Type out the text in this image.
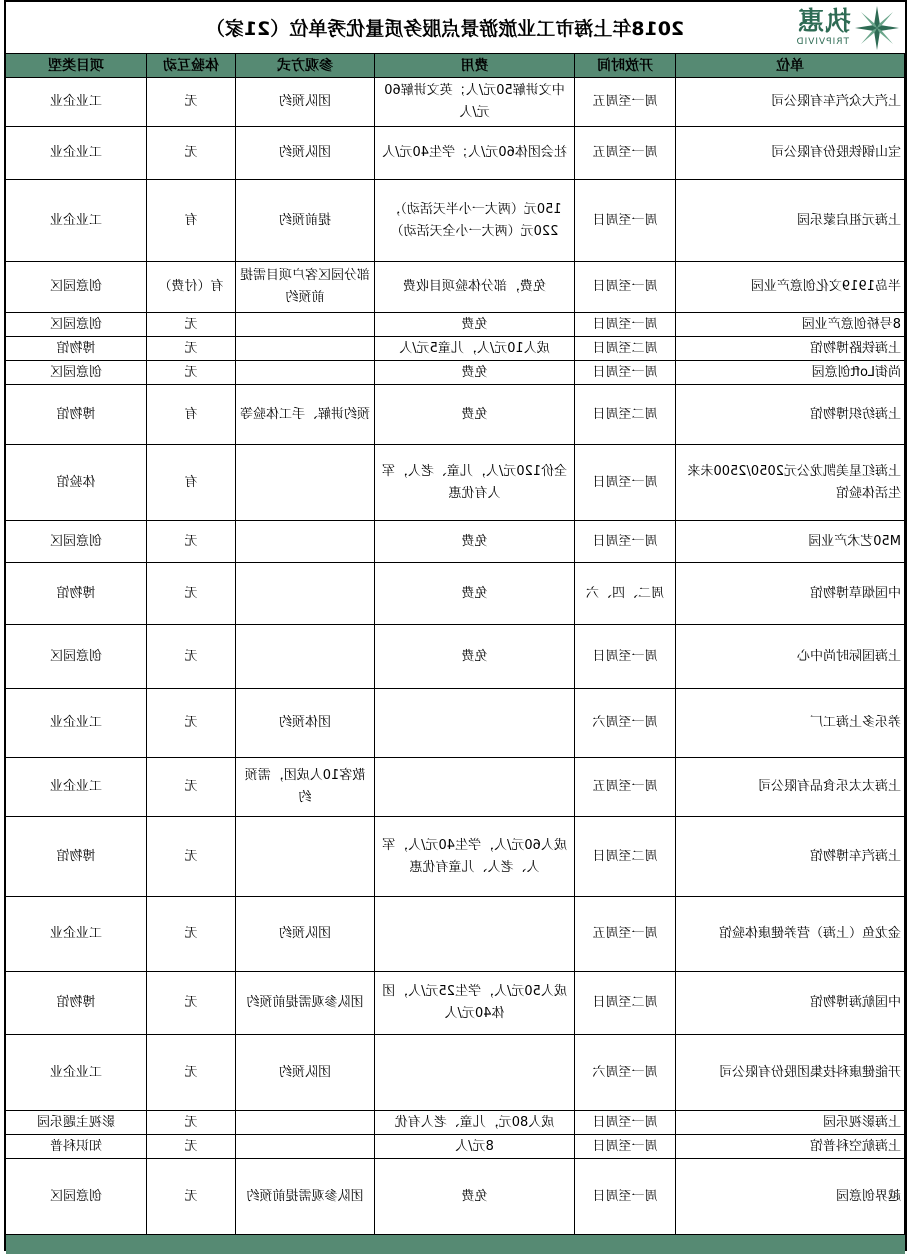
执惠
TRIPVIVID
2018年上海市工业旅游景点服务质量优秀单位（21家）
单位	开放时间	费用	参观方式	体验互动	项目类型
上汽大众汽车有限公司	周一至周五	中文讲解50元/人；英文讲解60元/人	团队预约	无	工业企业
宝山钢铁股份有限公司	周一至周五	社会团体60元/人；学生40元/人	团队预约	无	工业企业
上海元祖启蒙乐园	周一至周日	150元（两大一小半天活动），220元（两大一小全天活动）	提前预约	有	工业企业
半岛1919文化创意产业园	周一至周日	免费，部分体验项目收费	部分园区客户项目需提前预约	有（付费）	创意园区
8号桥创意产业园	周一至周日	免费		无	创意园区
上海铁路博物馆	周二至周日	成人10元/人，儿童5元/人		无	博物馆
尚街Loft创意园	周一至周日	免费		无	创意园区
上海纺织博物馆	周二至周日	免费	预约讲解、手工体验等	有	博物馆
上海红星美凯龙公元2050/2500未来生活体验馆	周一至周日	全价120元/人，儿童、老人，军人有优惠		有	体验馆
M50艺术产业园	周一至周日	免费		无	创意园区
中国烟草博物馆	周二、四、六	免费		无	博物馆
上海国际时尚中心	周一至周日	免费		无	创意园区
养乐多上海工厂	周一至周六		团体预约	无	工业企业
上海太太乐食品有限公司	周一至周五		散客10人成团，需预约	无	工业企业
上海汽车博物馆	周二至周日	成人60元/人，学生40元/人，军人、老人、儿童有优惠		无	博物馆
金龙鱼（上海）营养健康体验馆	周一至周五		团队预约	无	工业企业
中国航海博物馆	周二至周日	成人50元/人，学生25元/人，团体40元/人	团队参观需提前预约	无	博物馆
开能健康科技集团股份有限公司	周一至周六		团队预约	无	工业企业
上海影视乐园	周一至周日	成人80元，儿童、老人有优		无	影视主题乐园
上海航空科普馆	周一至周日	8元/人		无	知识科普
越界创意园	周一至周日	免费	团队参观需提前预约	无	创意园区
